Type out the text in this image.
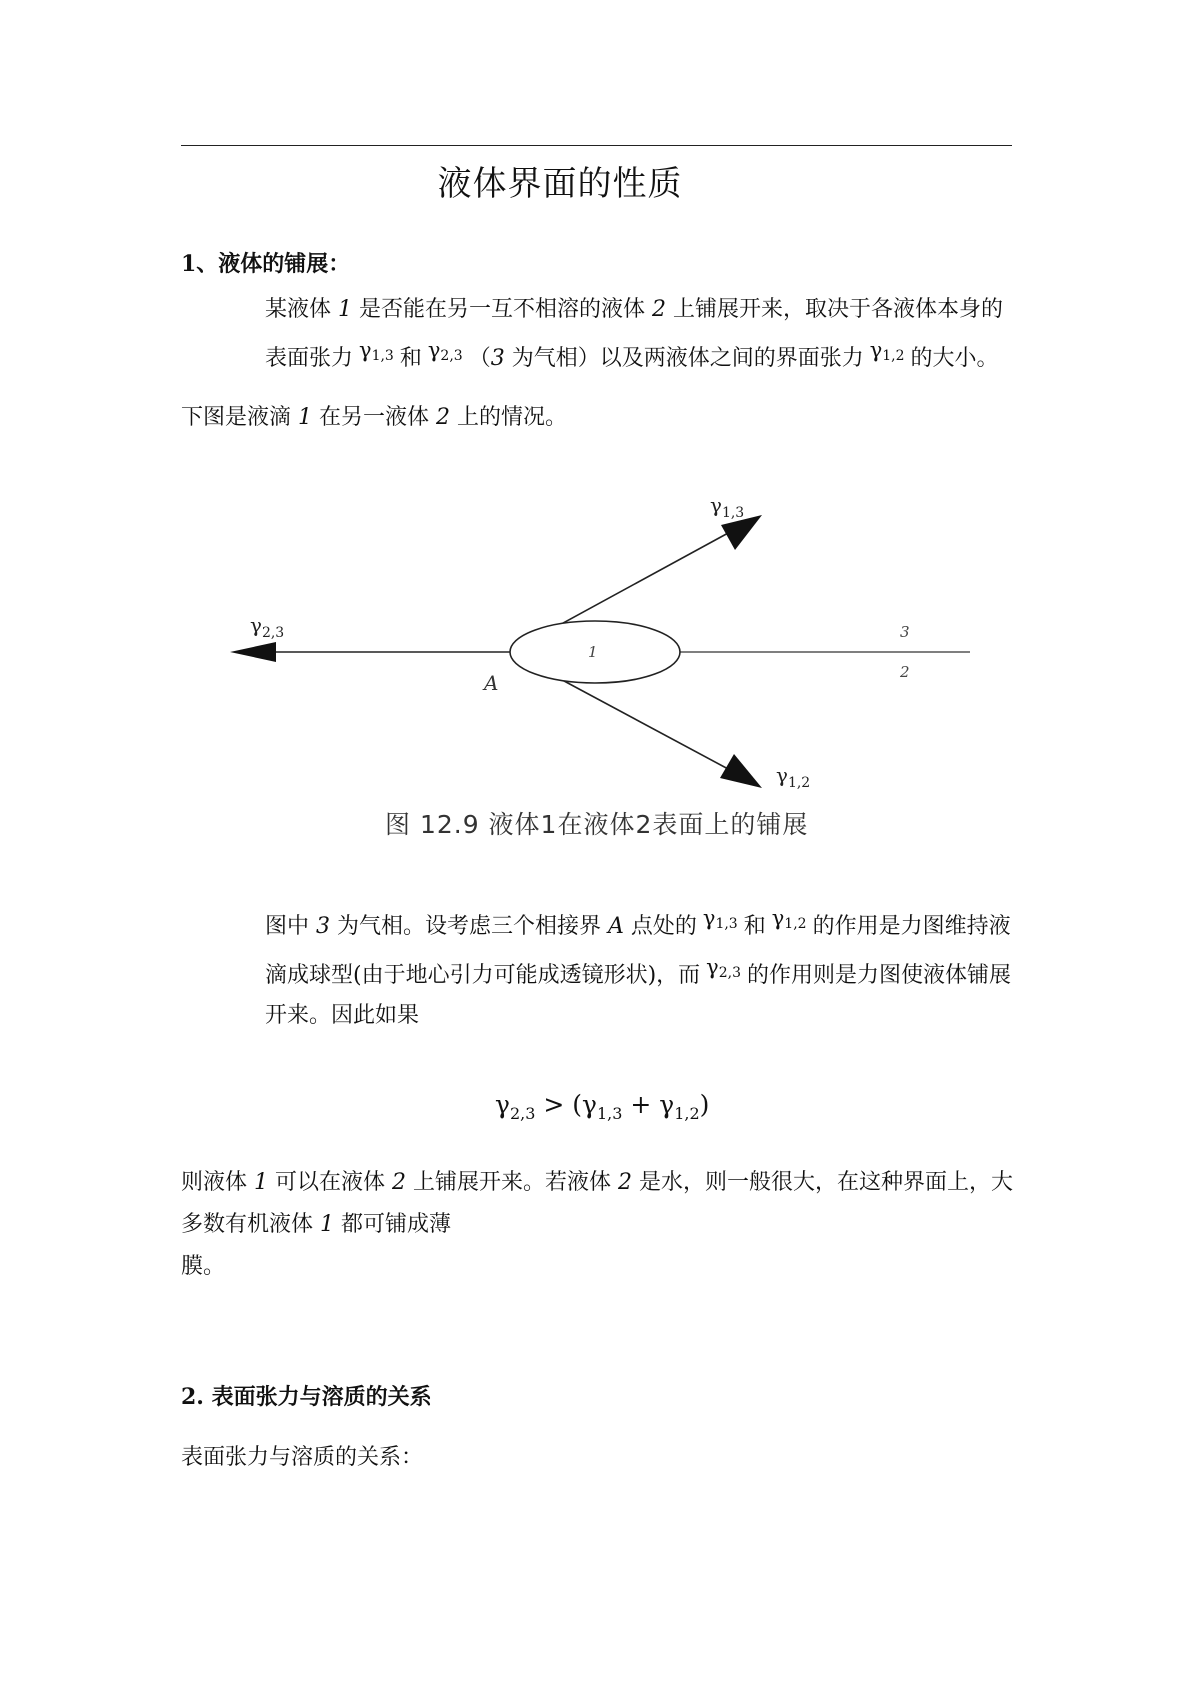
液体界面的性质
1、液体的铺展：
某液体 1 是否能在另一互不相溶的液体 2 上铺展开来，取决于各液体本身的表面张力 $\gamma_{1,3}$ 和 $\gamma_{2,3}$ （3 为气相）以及两液体之间的界面张力 $\gamma_{1,2}$ 的大小。
下图是液滴 1 在另一液体 2 上的情况。
$\gamma_{2,3}$
$\gamma_{1,3}$
$\gamma_{1,2}$
1
A
3
2
图 12.9 液体1在液体2表面上的铺展
图中 3 为气相。设考虑三个相接界 A 点处的 $\gamma_{1,3}$ 和 $\gamma_{1,2}$ 的作用是力图维持液滴成球型(由于地心引力可能成透镜形状)，而 $\gamma_{2,3}$ 的作用则是力图使液体铺展开来。因此如果
$\gamma_{2,3} > (\gamma_{1,3} + \gamma_{1,2})$
则液体 1 可以在液体 2 上铺展开来。若液体 2 是水，则一般很大，在这种界面上，大多数有机液体 1 都可铺成薄
膜。
2. 表面张力与溶质的关系
表面张力与溶质的关系：
